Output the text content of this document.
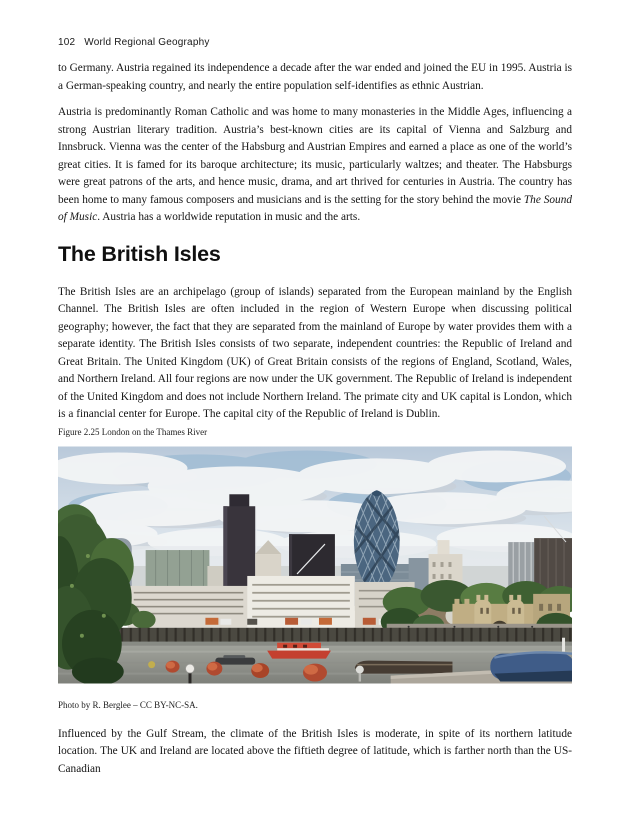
102 World Regional Geography

to Germany. Austria regained its independence a decade after the war ended and joined the EU in 1995. Austria is a German-speaking country, and nearly the entire population self-identifies as ethnic Austrian.

Austria is predominantly Roman Catholic and was home to many monasteries in the Middle Ages, influencing a strong Austrian literary tradition. Austria’s best-known cities are its capital of Vienna and Salzburg and Innsbruck. Vienna was the center of the Habsburg and Austrian Empires and earned a place as one of the world’s great cities. It is famed for its baroque architecture; its music, particularly waltzes; and theater. The Habsburgs were great patrons of the arts, and hence music, drama, and art thrived for centuries in Austria. The country has been home to many famous composers and musicians and is the setting for the story behind the movie The Sound of Music. Austria has a worldwide reputation in music and the arts.

The British Isles

The British Isles are an archipelago (group of islands) separated from the European mainland by the English Channel. The British Isles are often included in the region of Western Europe when discussing political geography; however, the fact that they are separated from the mainland of Europe by water provides them with a separate identity. The British Isles consists of two separate, independent countries: the Republic of Ireland and Great Britain. The United Kingdom (UK) of Great Britain consists of the regions of England, Scotland, Wales, and Northern Ireland. All four regions are now under the UK government. The Republic of Ireland is independent of the United Kingdom and does not include Northern Ireland. The primate city and UK capital is London, which is a financial center for Europe. The capital city of the Republic of Ireland is Dublin.

Figure 2.25 London on the Thames River
Photo by R. Berglee – CC BY-NC-SA.

Influenced by the Gulf Stream, the climate of the British Isles is moderate, in spite of its northern latitude location. The UK and Ireland are located above the fiftieth degree of latitude, which is farther north than the US-Canadian
